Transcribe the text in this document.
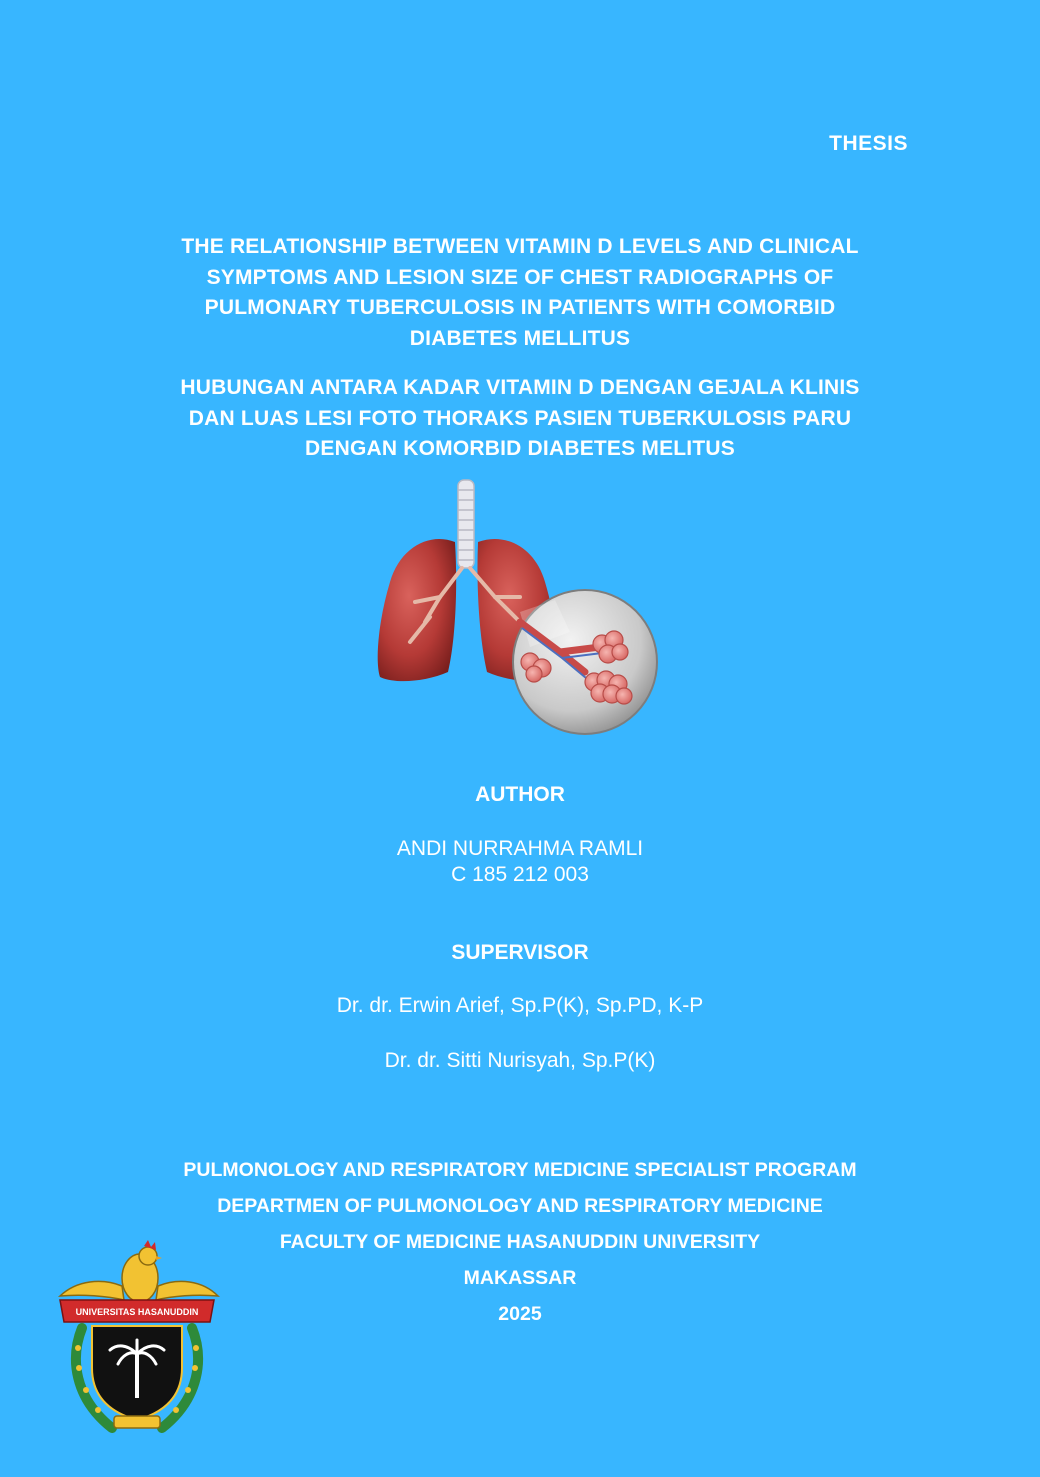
THESIS
THE RELATIONSHIP BETWEEN VITAMIN D LEVELS AND CLINICAL
SYMPTOMS AND LESION SIZE OF CHEST RADIOGRAPHS OF
PULMONARY TUBERCULOSIS IN PATIENTS WITH COMORBID
DIABETES MELLITUS
HUBUNGAN ANTARA KADAR VITAMIN D DENGAN GEJALA KLINIS
DAN LUAS LESI FOTO THORAKS PASIEN TUBERKULOSIS PARU
DENGAN KOMORBID DIABETES MELITUS
AUTHOR
ANDI NURRAHMA RAMLI
C 185 212 003
SUPERVISOR
Dr. dr. Erwin Arief, Sp.P(K), Sp.PD, K-P
Dr. dr. Sitti Nurisyah, Sp.P(K)
PULMONOLOGY AND RESPIRATORY MEDICINE SPECIALIST PROGRAM
DEPARTMEN OF PULMONOLOGY AND RESPIRATORY MEDICINE
FACULTY OF MEDICINE HASANUDDIN UNIVERSITY
MAKASSAR
2025
UNIVERSITAS HASANUDDIN
